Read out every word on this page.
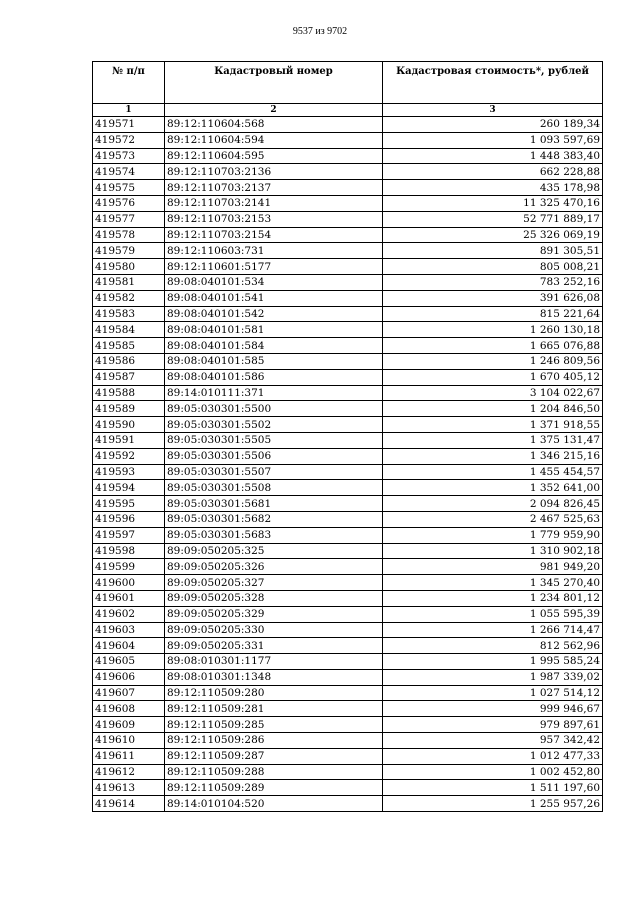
9537 из 9702
№ п/п	Кадастровый номер	Кадастровая стоимость*, рублей
1	2	3
419571	89:12:110604:568	260 189,34
419572	89:12:110604:594	1 093 597,69
419573	89:12:110604:595	1 448 383,40
419574	89:12:110703:2136	662 228,88
419575	89:12:110703:2137	435 178,98
419576	89:12:110703:2141	11 325 470,16
419577	89:12:110703:2153	52 771 889,17
419578	89:12:110703:2154	25 326 069,19
419579	89:12:110603:731	891 305,51
419580	89:12:110601:5177	805 008,21
419581	89:08:040101:534	783 252,16
419582	89:08:040101:541	391 626,08
419583	89:08:040101:542	815 221,64
419584	89:08:040101:581	1 260 130,18
419585	89:08:040101:584	1 665 076,88
419586	89:08:040101:585	1 246 809,56
419587	89:08:040101:586	1 670 405,12
419588	89:14:010111:371	3 104 022,67
419589	89:05:030301:5500	1 204 846,50
419590	89:05:030301:5502	1 371 918,55
419591	89:05:030301:5505	1 375 131,47
419592	89:05:030301:5506	1 346 215,16
419593	89:05:030301:5507	1 455 454,57
419594	89:05:030301:5508	1 352 641,00
419595	89:05:030301:5681	2 094 826,45
419596	89:05:030301:5682	2 467 525,63
419597	89:05:030301:5683	1 779 959,90
419598	89:09:050205:325	1 310 902,18
419599	89:09:050205:326	981 949,20
419600	89:09:050205:327	1 345 270,40
419601	89:09:050205:328	1 234 801,12
419602	89:09:050205:329	1 055 595,39
419603	89:09:050205:330	1 266 714,47
419604	89:09:050205:331	812 562,96
419605	89:08:010301:1177	1 995 585,24
419606	89:08:010301:1348	1 987 339,02
419607	89:12:110509:280	1 027 514,12
419608	89:12:110509:281	999 946,67
419609	89:12:110509:285	979 897,61
419610	89:12:110509:286	957 342,42
419611	89:12:110509:287	1 012 477,33
419612	89:12:110509:288	1 002 452,80
419613	89:12:110509:289	1 511 197,60
419614	89:14:010104:520	1 255 957,26
